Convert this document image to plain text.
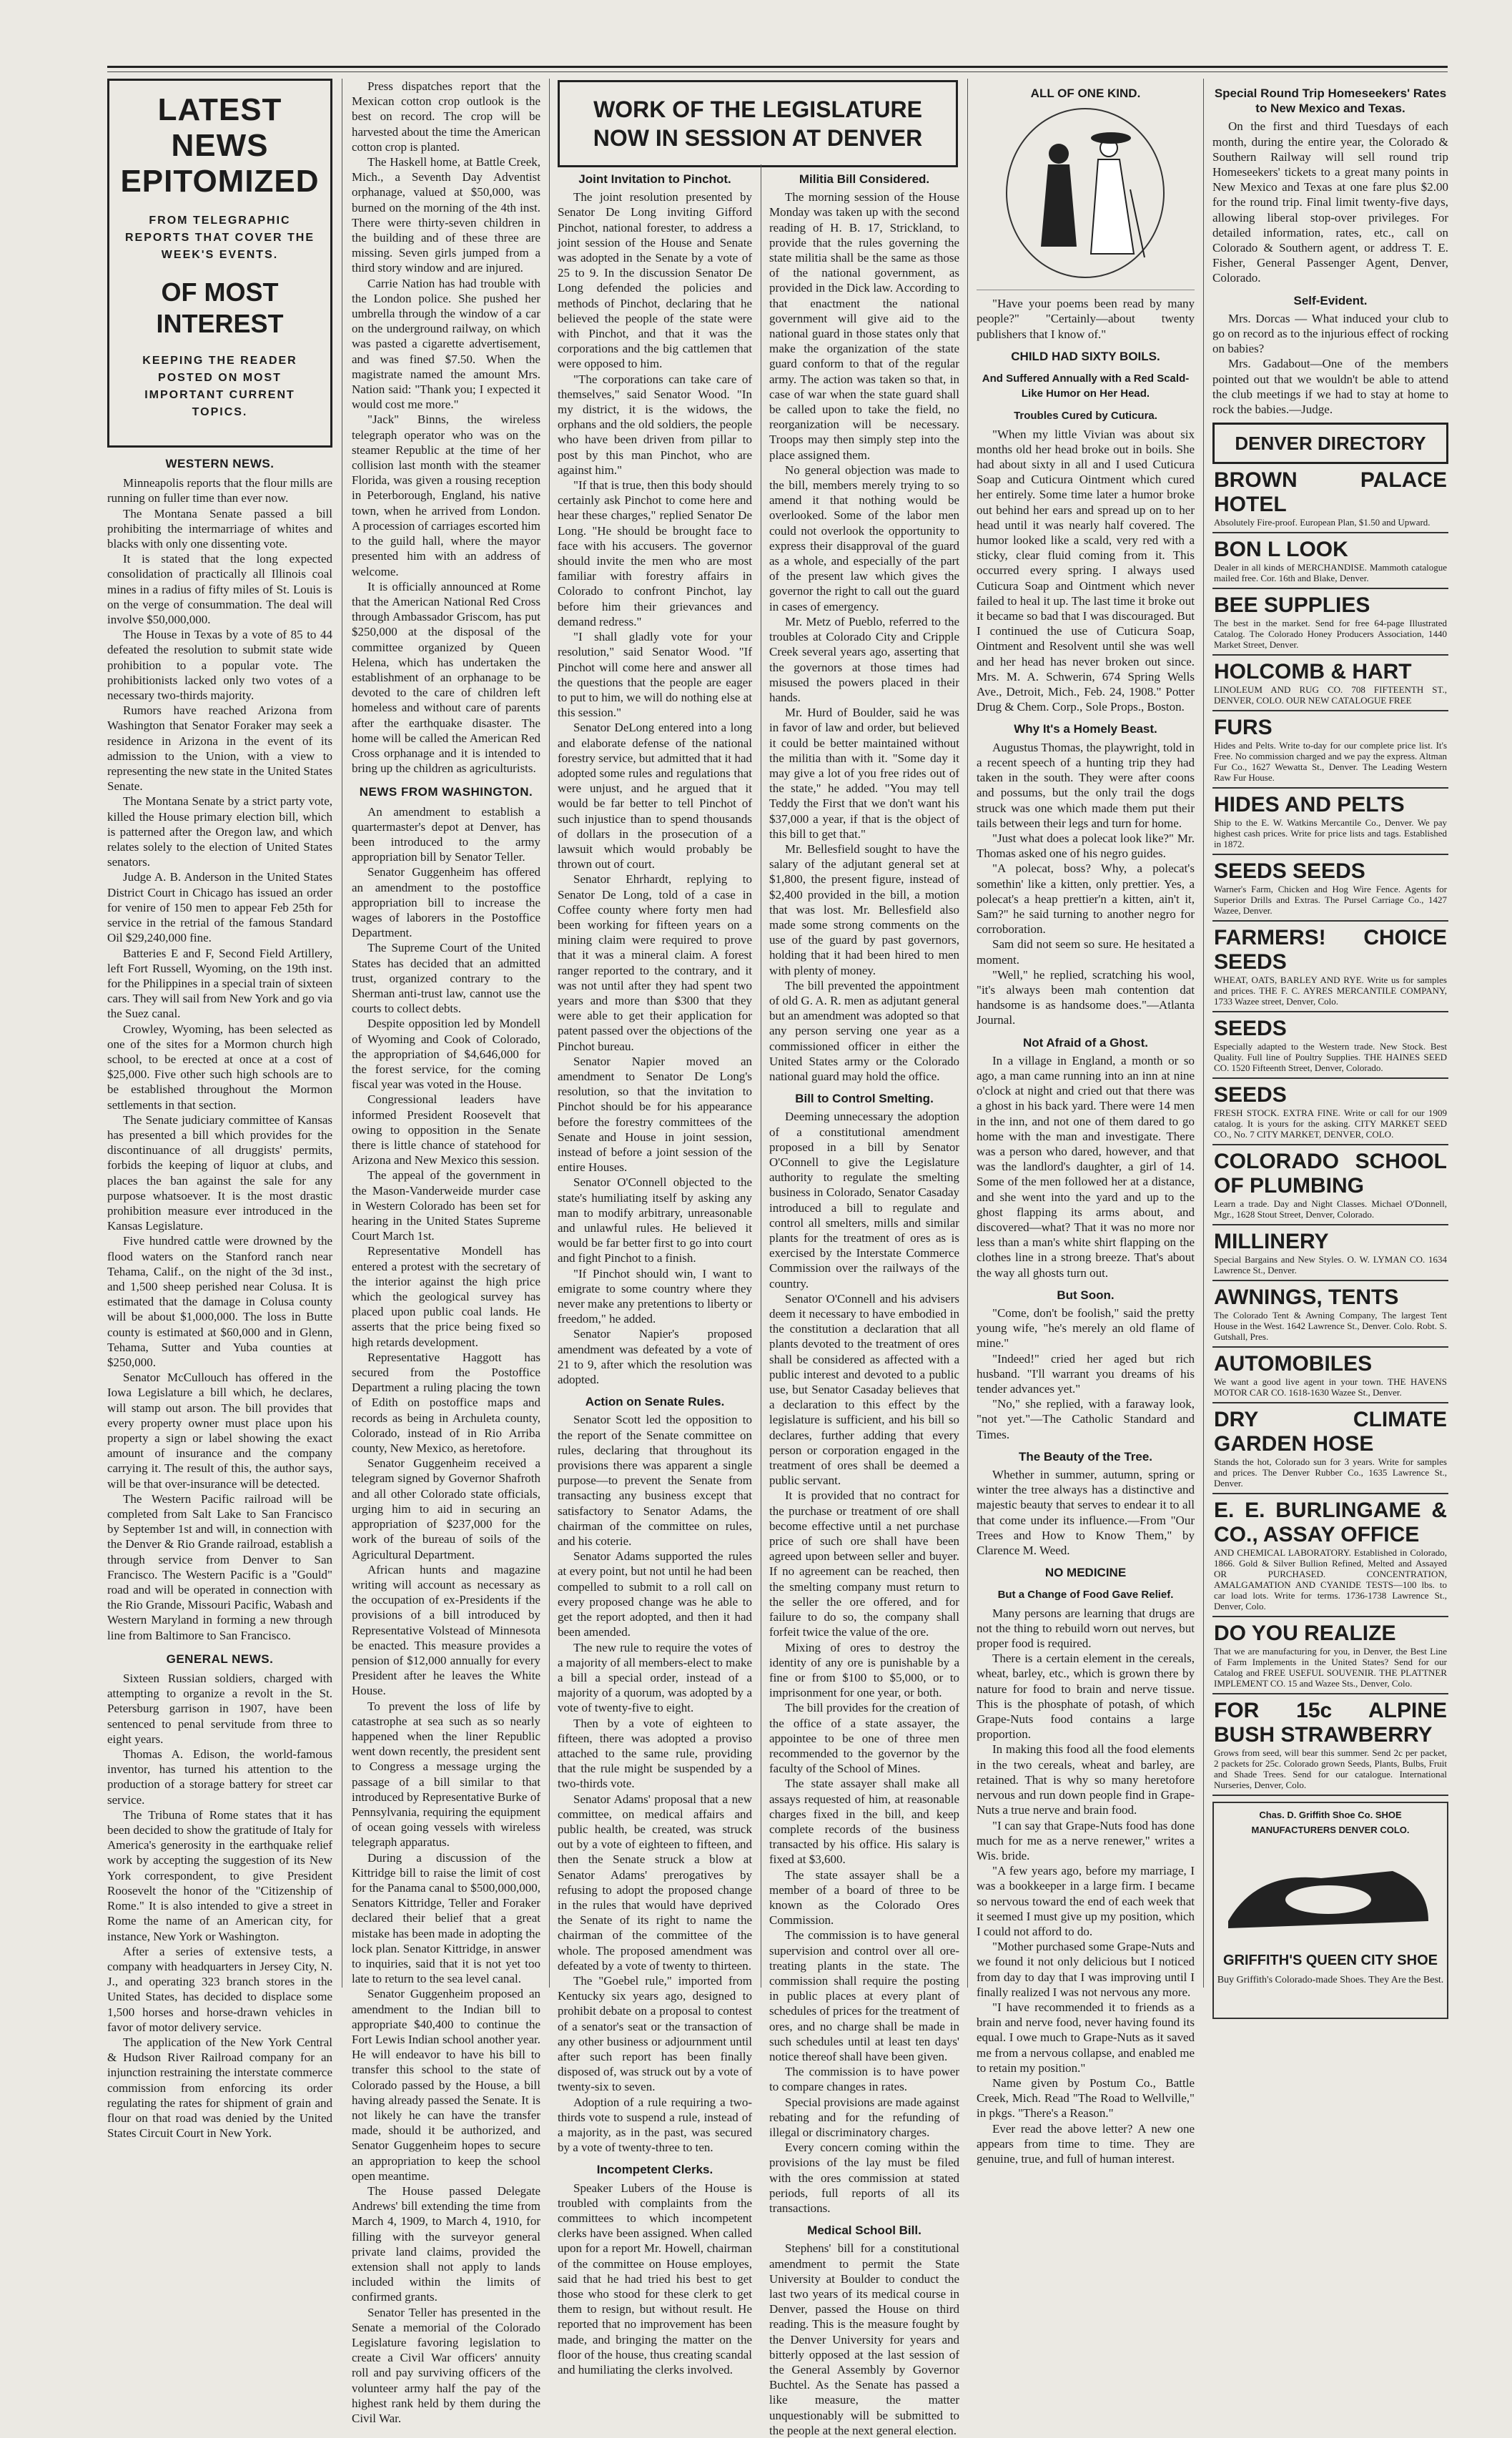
LATEST NEWS
EPITOMIZED
FROM TELEGRAPHIC REPORTS THAT COVER THE WEEK'S EVENTS.
OF MOST INTEREST
KEEPING THE READER POSTED ON MOST IMPORTANT CURRENT TOPICS.
WESTERN NEWS.

Minneapolis reports that the flour mills are running on fuller time than ever now.

The Montana Senate passed a bill prohibiting the intermarriage of whites and blacks with only one dissenting vote.

It is stated that the long expected consolidation of practically all Illinois coal mines in a radius of fifty miles of St. Louis is on the verge of consummation. The deal will involve $50,000,000.

The House in Texas by a vote of 85 to 44 defeated the resolution to submit state wide prohibition to a popular vote. The prohibitionists lacked only two votes of a necessary two-thirds majority.

Rumors have reached Arizona from Washington that Senator Foraker may seek a residence in Arizona in the event of its admission to the Union, with a view to representing the new state in the United States Senate.

The Montana Senate by a strict party vote, killed the House primary election bill, which is patterned after the Oregon law, and which relates solely to the election of United States senators.

Judge A. B. Anderson in the United States District Court in Chicago has issued an order for venire of 150 men to appear Feb 25th for service in the retrial of the famous Standard Oil $29,240,000 fine.

Batteries E and F, Second Field Artillery, left Fort Russell, Wyoming, on the 19th inst. for the Philippines in a special train of sixteen cars. They will sail from New York and go via the Suez canal.

Crowley, Wyoming, has been selected as one of the sites for a Mormon church high school, to be erected at once at a cost of $25,000. Five other such high schools are to be established throughout the Mormon settlements in that section.

The Senate judiciary committee of Kansas has presented a bill which provides for the discontinuance of all druggists' permits, forbids the keeping of liquor at clubs, and places the ban against the sale for any purpose whatsoever. It is the most drastic prohibition measure ever introduced in the Kansas Legislature.

Five hundred cattle were drowned by the flood waters on the Stanford ranch near Tehama, Calif., on the night of the 3d inst., and 1,500 sheep perished near Colusa. It is estimated that the damage in Colusa county will be about $1,000,000. The loss in Butte county is estimated at $60,000 and in Glenn, Tehama, Sutter and Yuba counties at $250,000.

Senator McCullouch has offered in the Iowa Legislature a bill which, he declares, will stamp out arson. The bill provides that every property owner must place upon his property a sign or label showing the exact amount of insurance and the company carrying it. The result of this, the author says, will be that over-insurance will be detected.

The Western Pacific railroad will be completed from Salt Lake to San Francisco by September 1st and will, in connection with the Denver & Rio Grande railroad, establish a through service from Denver to San Francisco. The Western Pacific is a "Gould" road and will be operated in connection with the Rio Grande, Missouri Pacific, Wabash and Western Maryland in forming a new through line from Baltimore to San Francisco.

GENERAL NEWS.

Sixteen Russian soldiers, charged with attempting to organize a revolt in the St. Petersburg garrison in 1907, have been sentenced to penal servitude from three to eight years.

Thomas A. Edison, the world-famous inventor, has turned his attention to the production of a storage battery for street car service.

The Tribuna of Rome states that it has been decided to show the gratitude of Italy for America's generosity in the earthquake relief work by accepting the suggestion of its New York correspondent, to give President Roosevelt the honor of the "Citizenship of Rome." It is also intended to give a street in Rome the name of an American city, for instance, New York or Washington.

After a series of extensive tests, a company with headquarters in Jersey City, N. J., and operating 323 branch stores in the United States, has decided to displace some 1,500 horses and horse-drawn vehicles in favor of motor delivery service.

The application of the New York Central & Hudson River Railroad company for an injunction restraining the interstate commerce commission from enforcing its order regulating the rates for shipment of grain and flour on that road was denied by the United States Circuit Court in New York.

Press dispatches report that the Mexican cotton crop outlook is the best on record. The crop will be harvested about the time the American cotton crop is planted.

The Haskell home, at Battle Creek, Mich., a Seventh Day Adventist orphanage, valued at $50,000, was burned on the morning of the 4th inst. There were thirty-seven children in the building and of these three are missing. Seven girls jumped from a third story window and are injured.

Carrie Nation has had trouble with the London police. She pushed her umbrella through the window of a car on the underground railway, on which was pasted a cigarette advertisement, and was fined $7.50. When the magistrate named the amount Mrs. Nation said: "Thank you; I expected it would cost me more."

"Jack" Binns, the wireless telegraph operator who was on the steamer Republic at the time of her collision last month with the steamer Florida, was given a rousing reception in Peterborough, England, his native town, when he arrived from London. A procession of carriages escorted him to the guild hall, where the mayor presented him with an address of welcome.

It is officially announced at Rome that the American National Red Cross through Ambassador Griscom, has put $250,000 at the disposal of the committee organized by Queen Helena, which has undertaken the establishment of an orphanage to be devoted to the care of children left homeless and without care of parents after the earthquake disaster. The home will be called the American Red Cross orphanage and it is intended to bring up the children as agriculturists.

NEWS FROM WASHINGTON.

An amendment to establish a quartermaster's depot at Denver, has been introduced to the army appropriation bill by Senator Teller.

Senator Guggenheim has offered an amendment to the postoffice appropriation bill to increase the wages of laborers in the Postoffice Department.

The Supreme Court of the United States has decided that an admitted trust, organized contrary to the Sherman anti-trust law, cannot use the courts to collect debts.

Despite opposition led by Mondell of Wyoming and Cook of Colorado, the appropriation of $4,646,000 for the forest service, for the coming fiscal year was voted in the House.

Congressional leaders have informed President Roosevelt that owing to opposition in the Senate there is little chance of statehood for Arizona and New Mexico this session.

The appeal of the government in the Mason-Vanderweide murder case in Western Colorado has been set for hearing in the United States Supreme Court March 1st.

Representative Mondell has entered a protest with the secretary of the interior against the high price which the geological survey has placed upon public coal lands. He asserts that the price being fixed so high retards development.

Representative Haggott has secured from the Postoffice Department a ruling placing the town of Edith on postoffice maps and records as being in Archuleta county, Colorado, instead of in Rio Arriba county, New Mexico, as heretofore.

Senator Guggenheim received a telegram signed by Governor Shafroth and all other Colorado state officials, urging him to aid in securing an appropriation of $237,000 for the work of the bureau of soils of the Agricultural Department.

African hunts and magazine writing will account as necessary as the occupation of ex-Presidents if the provisions of a bill introduced by Representative Volstead of Minnesota be enacted. This measure provides a pension of $12,000 annually for every President after he leaves the White House.

To prevent the loss of life by catastrophe at sea such as so nearly happened when the liner Republic went down recently, the president sent to Congress a message urging the passage of a bill similar to that introduced by Representative Burke of Pennsylvania, requiring the equipment of ocean going vessels with wireless telegraph apparatus.

During a discussion of the Kittridge bill to raise the limit of cost for the Panama canal to $500,000,000, Senators Kittridge, Teller and Foraker declared their belief that a great mistake has been made in adopting the lock plan. Senator Kittridge, in answer to inquiries, said that it is not yet too late to return to the sea level canal.

Senator Guggenheim proposed an amendment to the Indian bill to appropriate $40,400 to continue the Fort Lewis Indian school another year. He will endeavor to have his bill to transfer this school to the state of Colorado passed by the House, a bill having already passed the Senate. It is not likely he can have the transfer made, should it be authorized, and Senator Guggenheim hopes to secure an appropriation to keep the school open meantime.

The House passed Delegate Andrews' bill extending the time from March 4, 1909, to March 4, 1910, for filling with the surveyor general private land claims, provided the extension shall not apply to lands included within the limits of confirmed grants.

Senator Teller has presented in the Senate a memorial of the Colorado Legislature favoring legislation to create a Civil War officers' annuity roll and pay surviving officers of the volunteer army half the pay of the highest rank held by them during the Civil War.

WORK OF THE LEGISLATURE NOW IN SESSION AT DENVER
Joint Invitation to Pinchot.

The joint resolution presented by Senator De Long inviting Gifford Pinchot, national forester, to address a joint session of the House and Senate was adopted in the Senate by a vote of 25 to 9. In the discussion Senator De Long defended the policies and methods of Pinchot, declaring that he believed the people of the state were with Pinchot, and that it was the corporations and the big cattlemen that were opposed to him.

"The corporations can take care of themselves," said Senator Wood. "In my district, it is the widows, the orphans and the old soldiers, the people who have been driven from pillar to post by this man Pinchot, who are against him."

"If that is true, then this body should certainly ask Pinchot to come here and hear these charges," replied Senator De Long. "He should be brought face to face with his accusers. The governor should invite the men who are most familiar with forestry affairs in Colorado to confront Pinchot, lay before him their grievances and demand redress."

"I shall gladly vote for your resolution," said Senator Wood. "If Pinchot will come here and answer all the questions that the people are eager to put to him, we will do nothing else at this session."

Senator DeLong entered into a long and elaborate defense of the national forestry service, but admitted that it had adopted some rules and regulations that were unjust, and he argued that it would be far better to tell Pinchot of such injustice than to spend thousands of dollars in the prosecution of a lawsuit which would probably be thrown out of court.

Senator Ehrhardt, replying to Senator De Long, told of a case in Coffee county where forty men had been working for fifteen years on a mining claim were required to prove that it was a mineral claim. A forest ranger reported to the contrary, and it was not until after they had spent two years and more than $300 that they were able to get their application for patent passed over the objections of the Pinchot bureau.

Senator Napier moved an amendment to Senator De Long's resolution, so that the invitation to Pinchot should be for his appearance before the forestry committees of the Senate and House in joint session, instead of before a joint session of the entire Houses.

Senator O'Connell objected to the state's humiliating itself by asking any man to modify arbitrary, unreasonable and unlawful rules. He believed it would be far better first to go into court and fight Pinchot to a finish.

"If Pinchot should win, I want to emigrate to some country where they never make any pretentions to liberty or freedom," he added.

Senator Napier's proposed amendment was defeated by a vote of 21 to 9, after which the resolution was adopted.

Action on Senate Rules.

Senator Scott led the opposition to the report of the Senate committee on rules, declaring that throughout its provisions there was apparent a single purpose—to prevent the Senate from transacting any business except that satisfactory to Senator Adams, the chairman of the committee on rules, and his coterie.

Senator Adams supported the rules at every point, but not until he had been compelled to submit to a roll call on every proposed change was he able to get the report adopted, and then it had been amended.

The new rule to require the votes of a majority of all members-elect to make a bill a special order, instead of a majority of a quorum, was adopted by a vote of twenty-five to eight.

Then by a vote of eighteen to fifteen, there was adopted a proviso attached to the same rule, providing that the rule might be suspended by a two-thirds vote.

Senator Adams' proposal that a new committee, on medical affairs and public health, be created, was struck out by a vote of eighteen to fifteen, and then the Senate struck a blow at Senator Adams' prerogatives by refusing to adopt the proposed change in the rules that would have deprived the Senate of its right to name the chairman of the committee of the whole. The proposed amendment was defeated by a vote of twenty to thirteen.

The "Goebel rule," imported from Kentucky six years ago, designed to prohibit debate on a proposal to contest of a senator's seat or the transaction of any other business or adjournment until after such report has been finally disposed of, was struck out by a vote of twenty-six to seven.

Adoption of a rule requiring a two-thirds vote to suspend a rule, instead of a majority, as in the past, was secured by a vote of twenty-three to ten.

Incompetent Clerks.

Speaker Lubers of the House is troubled with complaints from the committees to which incompetent clerks have been assigned. When called upon for a report Mr. Howell, chairman of the committee on House employes, said that he had tried his best to get those who stood for these clerk to get them to resign, but without result. He reported that no improvement has been made, and bringing the matter on the floor of the house, thus creating scandal and humiliating the clerks involved.

Militia Bill Considered.

The morning session of the House Monday was taken up with the second reading of H. B. 17, Strickland, to provide that the rules governing the state militia shall be the same as those of the national government, as provided in the Dick law. According to that enactment the national government will give aid to the national guard in those states only that make the organization of the state guard conform to that of the regular army. The action was taken so that, in case of war when the state guard shall be called upon to take the field, no reorganization will be necessary. Troops may then simply step into the place assigned them.

No general objection was made to the bill, members merely trying to so amend it that nothing would be overlooked. Some of the labor men could not overlook the opportunity to express their disapproval of the guard as a whole, and especially of the part of the present law which gives the governor the right to call out the guard in cases of emergency.

Mr. Metz of Pueblo, referred to the troubles at Colorado City and Cripple Creek several years ago, asserting that the governors at those times had misused the powers placed in their hands.

Mr. Hurd of Boulder, said he was in favor of law and order, but believed it could be better maintained without the militia than with it. "Some day it may give a lot of you free rides out of the state," he added. "You may tell Teddy the First that we don't want his $37,000 a year, if that is the object of this bill to get that."

Mr. Bellesfield sought to have the salary of the adjutant general set at $1,800, the present figure, instead of $2,400 provided in the bill, a motion that was lost. Mr. Bellesfield also made some strong comments on the use of the guard by past governors, holding that it had been hired to men with plenty of money.

The bill prevented the appointment of old G. A. R. men as adjutant general but an amendment was adopted so that any person serving one year as a commissioned officer in either the United States army or the Colorado national guard may hold the office.

Bill to Control Smelting.

Deeming unnecessary the adoption of a constitutional amendment proposed in a bill by Senator O'Connell to give the Legislature authority to regulate the smelting business in Colorado, Senator Casaday introduced a bill to regulate and control all smelters, mills and similar plants for the treatment of ores as is exercised by the Interstate Commerce Commission over the railways of the country.

Senator O'Connell and his advisers deem it necessary to have embodied in the constitution a declaration that all plants devoted to the treatment of ores shall be considered as affected with a public interest and devoted to a public use, but Senator Casaday believes that a declaration to this effect by the legislature is sufficient, and his bill so declares, further adding that every person or corporation engaged in the treatment of ores shall be deemed a public servant.

It is provided that no contract for the purchase or treatment of ore shall become effective until a net purchase price of such ore shall have been agreed upon between seller and buyer. If no agreement can be reached, then the smelting company must return to the seller the ore offered, and for failure to do so, the company shall forfeit twice the value of the ore.

Mixing of ores to destroy the identity of any ore is punishable by a fine or from $100 to $5,000, or to imprisonment for one year, or both.

The bill provides for the creation of the office of a state assayer, the appointee to be one of three men recommended to the governor by the faculty of the School of Mines.

The state assayer shall make all assays requested of him, at reasonable charges fixed in the bill, and keep complete records of the business transacted by his office. His salary is fixed at $3,600.

The state assayer shall be a member of a board of three to be known as the Colorado Ores Commission.

The commission is to have general supervision and control over all ore-treating plants in the state. The commission shall require the posting in public places at every plant of schedules of prices for the treatment of ores, and no charge shall be made in such schedules until at least ten days' notice thereof shall have been given.

The commission is to have power to compare changes in rates.

Special provisions are made against rebating and for the refunding of illegal or discriminatory charges.

Every concern coming within the provisions of the lay must be filed with the ores commission at stated periods, full reports of all its transactions.

Medical School Bill.

Stephens' bill for a constitutional amendment to permit the State University at Boulder to conduct the last two years of its medical course in Denver, passed the House on third reading. This is the measure fought by the Denver University for years and bitterly opposed at the last session of the General Assembly by Governor Buchtel. As the Senate has passed a like measure, the matter unquestionably will be submitted to the people at the next general election.

ALL OF ONE KIND.

"Have your poems been read by many people?" "Certainly—about twenty publishers that I know of."

CHILD HAD SIXTY BOILS.
And Suffered Annually with a Red Scald-Like Humor on Her Head.
Troubles Cured by Cuticura.

"When my little Vivian was about six months old her head broke out in boils. She had about sixty in all and I used Cuticura Soap and Cuticura Ointment which cured her entirely. Some time later a humor broke out behind her ears and spread up on to her head until it was nearly half covered. The humor looked like a scald, very red with a sticky, clear fluid coming from it. This occurred every spring. I always used Cuticura Soap and Ointment which never failed to heal it up. The last time it broke out it became so bad that I was discouraged. But I continued the use of Cuticura Soap, Ointment and Resolvent until she was well and her head has never broken out since. Mrs. M. A. Schwerin, 674 Spring Wells Ave., Detroit, Mich., Feb. 24, 1908." Potter Drug & Chem. Corp., Sole Props., Boston.

Why It's a Homely Beast.

Augustus Thomas, the playwright, told in a recent speech of a hunting trip they had taken in the south. They were after coons and possums, but the only trail the dogs struck was one which made them put their tails between their legs and turn for home.

"Just what does a polecat look like?" Mr. Thomas asked one of his negro guides.

"A polecat, boss? Why, a polecat's somethin' like a kitten, only prettier. Yes, a polecat's a heap prettier'n a kitten, ain't it, Sam?" he said turning to another negro for corroboration.

Sam did not seem so sure. He hesitated a moment.

"Well," he replied, scratching his wool, "it's always been mah contention dat handsome is as handsome does."—Atlanta Journal.

Not Afraid of a Ghost.

In a village in England, a month or so ago, a man came running into an inn at nine o'clock at night and cried out that there was a ghost in his back yard. There were 14 men in the inn, and not one of them dared to go home with the man and investigate. There was a person who dared, however, and that was the landlord's daughter, a girl of 14. Some of the men followed her at a distance, and she went into the yard and up to the ghost flapping its arms about, and discovered—what? That it was no more nor less than a man's white shirt flapping on the clothes line in a strong breeze. That's about the way all ghosts turn out.

But Soon.

"Come, don't be foolish," said the pretty young wife, "he's merely an old flame of mine."

"Indeed!" cried her aged but rich husband. "I'll warrant you dreams of his tender advances yet."

"No," she replied, with a faraway look, "not yet."—The Catholic Standard and Times.

The Beauty of the Tree.

Whether in summer, autumn, spring or winter the tree always has a distinctive and majestic beauty that serves to endear it to all that come under its influence.—From "Our Trees and How to Know Them," by Clarence M. Weed.

NO MEDICINE
But a Change of Food Gave Relief.

Many persons are learning that drugs are not the thing to rebuild worn out nerves, but proper food is required.

There is a certain element in the cereals, wheat, barley, etc., which is grown there by nature for food to brain and nerve tissue. This is the phosphate of potash, of which Grape-Nuts food contains a large proportion.

In making this food all the food elements in the two cereals, wheat and barley, are retained. That is why so many heretofore nervous and run down people find in Grape-Nuts a true nerve and brain food.

"I can say that Grape-Nuts food has done much for me as a nerve renewer," writes a Wis. bride.

"A few years ago, before my marriage, I was a bookkeeper in a large firm. I became so nervous toward the end of each week that it seemed I must give up my position, which I could not afford to do.

"Mother purchased some Grape-Nuts and we found it not only delicious but I noticed from day to day that I was improving until I finally realized I was not nervous any more.

"I have recommended it to friends as a brain and nerve food, never having found its equal. I owe much to Grape-Nuts as it saved me from a nervous collapse, and enabled me to retain my position."

Name given by Postum Co., Battle Creek, Mich. Read "The Road to Wellville," in pkgs. "There's a Reason."

Ever read the above letter? A new one appears from time to time. They are genuine, true, and full of human interest.

Special Round Trip Homeseekers' Rates to New Mexico and Texas.

On the first and third Tuesdays of each month, during the entire year, the Colorado & Southern Railway will sell round trip Homeseekers' tickets to a great many points in New Mexico and Texas at one fare plus $2.00 for the round trip. Final limit twenty-five days, allowing liberal stop-over privileges. For detailed information, rates, etc., call on Colorado & Southern agent, or address T. E. Fisher, General Passenger Agent, Denver, Colorado.

Self-Evident.

Mrs. Dorcas — What induced your club to go on record as to the injurious effect of rocking on babies?

Mrs. Gadabout—One of the members pointed out that we wouldn't be able to attend the club meetings if we had to stay at home to rock the babies.—Judge.

DENVER DIRECTORY
BROWN PALACE HOTEL
Absolutely Fire-proof. European Plan, $1.50 and Upward.
BON L LOOK
Dealer in all kinds of MERCHANDISE. Mammoth catalogue mailed free. Cor. 16th and Blake, Denver.
BEE SUPPLIES
The best in the market. Send for free 64-page Illustrated Catalog. The Colorado Honey Producers Association, 1440 Market Street, Denver.
HOLCOMB & HART
LINOLEUM AND RUG CO. 708 FIFTEENTH ST., DENVER, COLO. OUR NEW CATALOGUE FREE
FURS
Hides and Pelts. Write to-day for our complete price list. It's Free. No commission charged and we pay the express. Altman Fur Co., 1627 Wewatta St., Denver. The Leading Western Raw Fur House.
HIDES AND PELTS
Ship to the E. W. Watkins Mercantile Co., Denver. We pay highest cash prices. Write for price lists and tags. Established in 1872.
SEEDS SEEDS
Warner's Farm, Chicken and Hog Wire Fence. Agents for Superior Drills and Extras. The Pursel Carriage Co., 1427 Wazee, Denver.
FARMERS! CHOICE SEEDS
WHEAT, OATS, BARLEY AND RYE. Write us for samples and prices. THE F. C. AYRES MERCANTILE COMPANY, 1733 Wazee street, Denver, Colo.
SEEDS
Especially adapted to the Western trade. New Stock. Best Quality. Full line of Poultry Supplies. THE HAINES SEED CO. 1520 Fifteenth Street, Denver, Colorado.
SEEDS
FRESH STOCK. EXTRA FINE. Write or call for our 1909 catalog. It is yours for the asking. CITY MARKET SEED CO., No. 7 CITY MARKET, DENVER, COLO.
COLORADO SCHOOL OF PLUMBING
Learn a trade. Day and Night Classes. Michael O'Donnell, Mgr., 1628 Stout Street, Denver, Colorado.
MILLINERY
Special Bargains and New Styles. O. W. LYMAN CO. 1634 Lawrence St., Denver.
AWNINGS, TENTS
The Colorado Tent & Awning Company, The largest Tent House in the West. 1642 Lawrence St., Denver. Colo. Robt. S. Gutshall, Pres.
AUTOMOBILES
We want a good live agent in your town. THE HAVENS MOTOR CAR CO. 1618-1630 Wazee St., Denver.
DRY CLIMATE GARDEN HOSE
Stands the hot, Colorado sun for 3 years. Write for samples and prices. The Denver Rubber Co., 1635 Lawrence St., Denver.
E. E. BURLINGAME & CO., ASSAY OFFICE
AND CHEMICAL LABORATORY. Established in Colorado, 1866. Gold & Silver Bullion Refined, Melted and Assayed OR PURCHASED. CONCENTRATION, AMALGAMATION AND CYANIDE TESTS—100 lbs. to car load lots. Write for terms. 1736-1738 Lawrence St., Denver, Colo.
DO YOU REALIZE
That we are manufacturing for you, in Denver, the Best Line of Farm Implements in the United States? Send for our Catalog and FREE USEFUL SOUVENIR. THE PLATTNER IMPLEMENT CO. 15 and Wazee Sts., Denver, Colo.
FOR 15c ALPINE BUSH STRAWBERRY
Grows from seed, will bear this summer. Send 2c per packet, 2 packets for 25c. Colorado grown Seeds, Plants, Bulbs, Fruit and Shade Trees. Send for our catalogue. International Nurseries, Denver, Colo.
Chas. D. Griffith Shoe Co. SHOE MANUFACTURERS DENVER COLO.
GRIFFITH'S QUEEN CITY SHOE
Buy Griffith's Colorado-made Shoes. They Are the Best.
